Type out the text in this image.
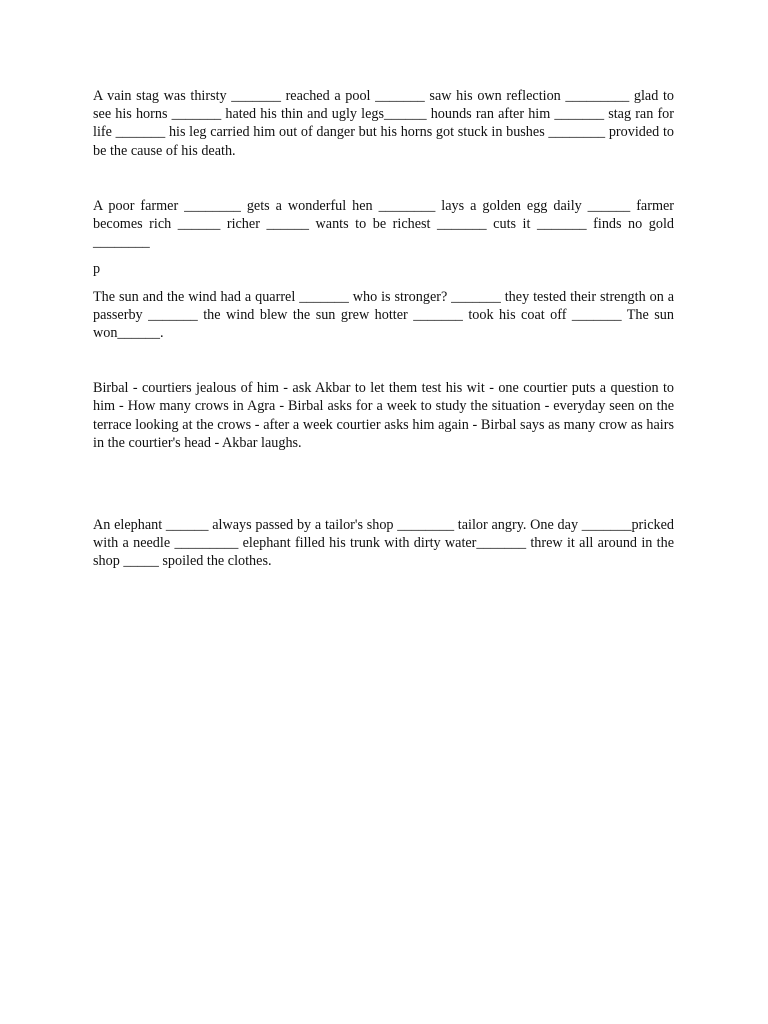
A vain stag was thirsty _______ reached a pool _______ saw his own reflection _________ glad to see his horns _______ hated his thin and ugly legs______ hounds ran after him _______ stag ran for life _______ his leg carried him out of danger but his horns got stuck in bushes ________ provided to be the cause of his death.

A poor farmer ________ gets a wonderful hen ________ lays a golden egg daily ______ farmer becomes rich ______ richer ______ wants to be richest _______ cuts it _______ finds no gold ________

p

The sun and the wind had a quarrel _______ who is stronger? _______ they tested their strength on a passerby _______ the wind blew the sun grew hotter _______ took his coat off _______ The sun won______.

Birbal - courtiers jealous of him - ask Akbar to let them test his wit - one courtier puts a question to him - How many crows in Agra - Birbal asks for a week to study the situation - everyday seen on the terrace looking at the crows - after a week courtier asks him again - Birbal says as many crow as hairs in the courtier's head - Akbar laughs.

An elephant ______ always passed by a tailor's shop ________ tailor angry. One day _______pricked with a needle _________ elephant filled his trunk with dirty water_______ threw it all around in the shop _____ spoiled the clothes.
